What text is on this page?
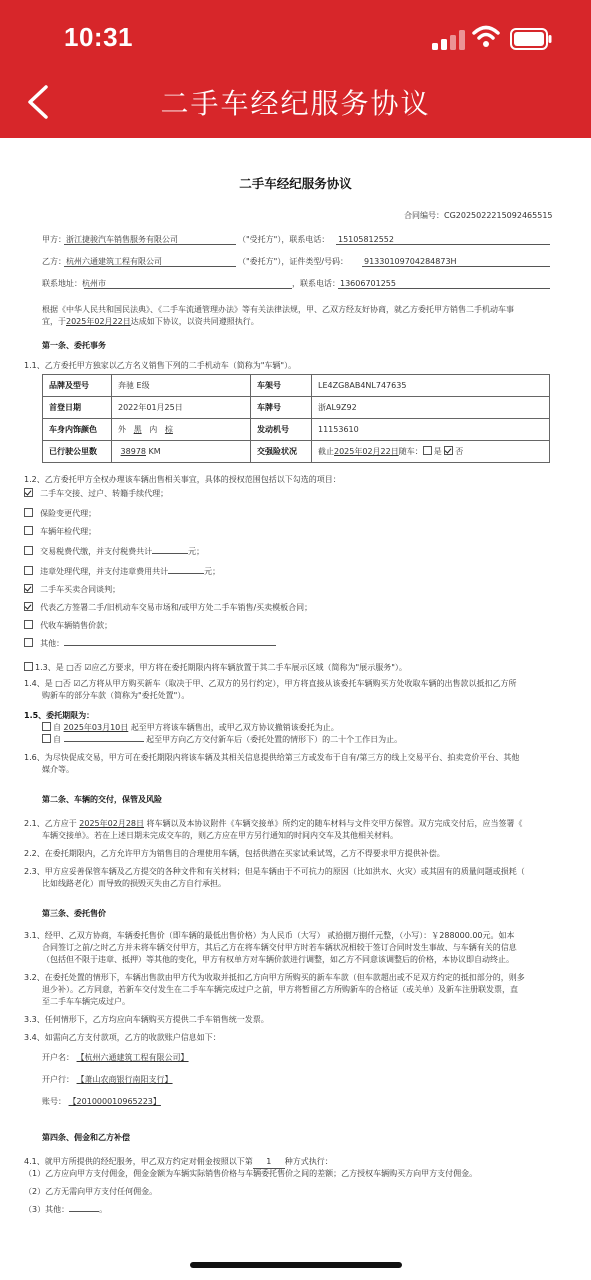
10:31
二手车经纪服务协议
二手车经纪服务协议
合同编号：CG2025022215092465515
甲方：浙江捷骏汽车销售服务有限公司	（"受托方"），联系电话： 15105812552
乙方：杭州六通建筑工程有限公司	（"委托方"），证件类型/号码： 91330109704284873H
联系地址：杭州市	，联系电话： 13606701255
根据《中华人民共和国民法典》、《二手车流通管理办法》等有关法律法规，甲、乙双方经友好协商，就乙方委托甲方销售二手机动车事
宜，于2025年02月22日达成如下协议，以资共同遵照执行。
第一条、委托事务
1.1、乙方委托甲方独家以乙方名义销售下列的二手机动车（简称为"车辆"）。
品牌及型号	奔驰 E级	车架号	LE4ZG8AB4NL747635
首登日期	2022年01月25日	车牌号	浙AL9Z92
车身内饰颜色	外 黑 内 棕	发动机号	11153610
已行驶公里数	38978 KM	交强险状况	截止2025年02月22日随车： 是 否
1.2、乙方委托甲方全权办理该车辆出售相关事宜，具体的授权范围包括以下勾选的项目：
二手车交接、过户、转籍手续代理；
保险变更代理；
车辆年检代理；
交易税费代缴，并支付税费共计	元；
违章处理代理，并支付违章费用共计	元；
二手车买卖合同谈判；
代表乙方签署二手/旧机动车交易市场和/或甲方处二手车销售/买卖模板合同；
代收车辆销售价款；
其他：
1.3、是 □否 ☑应乙方要求，甲方将在委托期限内将车辆放置于其二手车展示区域（简称为"展示服务"）。
1.4、是 □否 ☑乙方将从甲方购买新车（取决于甲、乙双方的另行约定），甲方将直接从该委托车辆购买方处收取车辆的出售款以抵扣乙方所
购新车的部分车款（简称为"委托处置"）。
1.5、委托期限为：
自 2025年03月10日 起至甲方将该车辆售出，或甲乙双方协议撤销该委托为止。
自	起至甲方向乙方交付新车后（委托处置的情形下）的二十个工作日为止。
1.6、为尽快促成交易，甲方可在委托期限内将该车辆及其相关信息提供给第三方或发布于自有/第三方的线上交易平台、拍卖竞价平台、其他
媒介等。
第二条、车辆的交付，保管及风险
2.1、乙方应于 2025年02月28日 将车辆以及本协议附件《车辆交接单》所约定的随车材料与文件交甲方保管。双方完成交付后，应当签署《
车辆交接单》。若在上述日期未完成交车的，则乙方应在甲方另行通知的时间内交车及其他相关材料。
2.2、在委托期限内，乙方允许甲方为销售目的合理使用车辆，包括供潜在买家试乘试驾，乙方不得要求甲方提供补偿。
2.3、甲方应妥善保管车辆及乙方提交的各种文件和有关材料；但是车辆由于不可抗力的原因（比如洪水、火灾）或其固有的质量问题或损耗（
比如线路老化）而导致的损毁灭失由乙方自行承担。
第三条、委托售价
3.1、经甲、乙双方协商，车辆委托售价（即车辆的最低出售价格）为人民币（大写） 贰拾捌万捌仟元整，（小写）：￥288000.00元。如本
合同签订之前/之时乙方并未将车辆交付甲方，其后乙方在将车辆交付甲方时若车辆状况相较于签订合同时发生事故、与车辆有关的信息
（包括但不限于违章、抵押）等其他的变化，甲方有权单方对车辆价款进行调整，如乙方不同意该调整后的价格，本协议即自动终止。
3.2、在委托处置的情形下，车辆出售款由甲方代为收取并抵扣乙方向甲方所购买的新车车款（但车款超出或不足双方约定的抵扣部分的，则多
退少补）。乙方同意，若新车交付发生在二手车车辆完成过户之前，甲方将暂留乙方所购新车的合格证（或关单）及新车注册联发票，直
至二手车车辆完成过户。
3.3、任何情形下，乙方均应向车辆购买方提供二手车销售统一发票。
3.4、如需向乙方支付款项，乙方的收款账户信息如下：
开户名： 【杭州六通建筑工程有限公司】
开户行： 【萧山农商银行南阳支行】
账号： 【201000010965223】
第四条、佣金和乙方补偿
4.1、就甲方所提供的经纪服务，甲乙双方约定对佣金按照以下第 1 种方式执行：
（1）乙方应向甲方支付佣金，佣金金额为车辆实际销售价格与车辆委托售价之间的差额；乙方授权车辆购买方向甲方支付佣金。
（2）乙方无需向甲方支付任何佣金。
（3）其他：	。
